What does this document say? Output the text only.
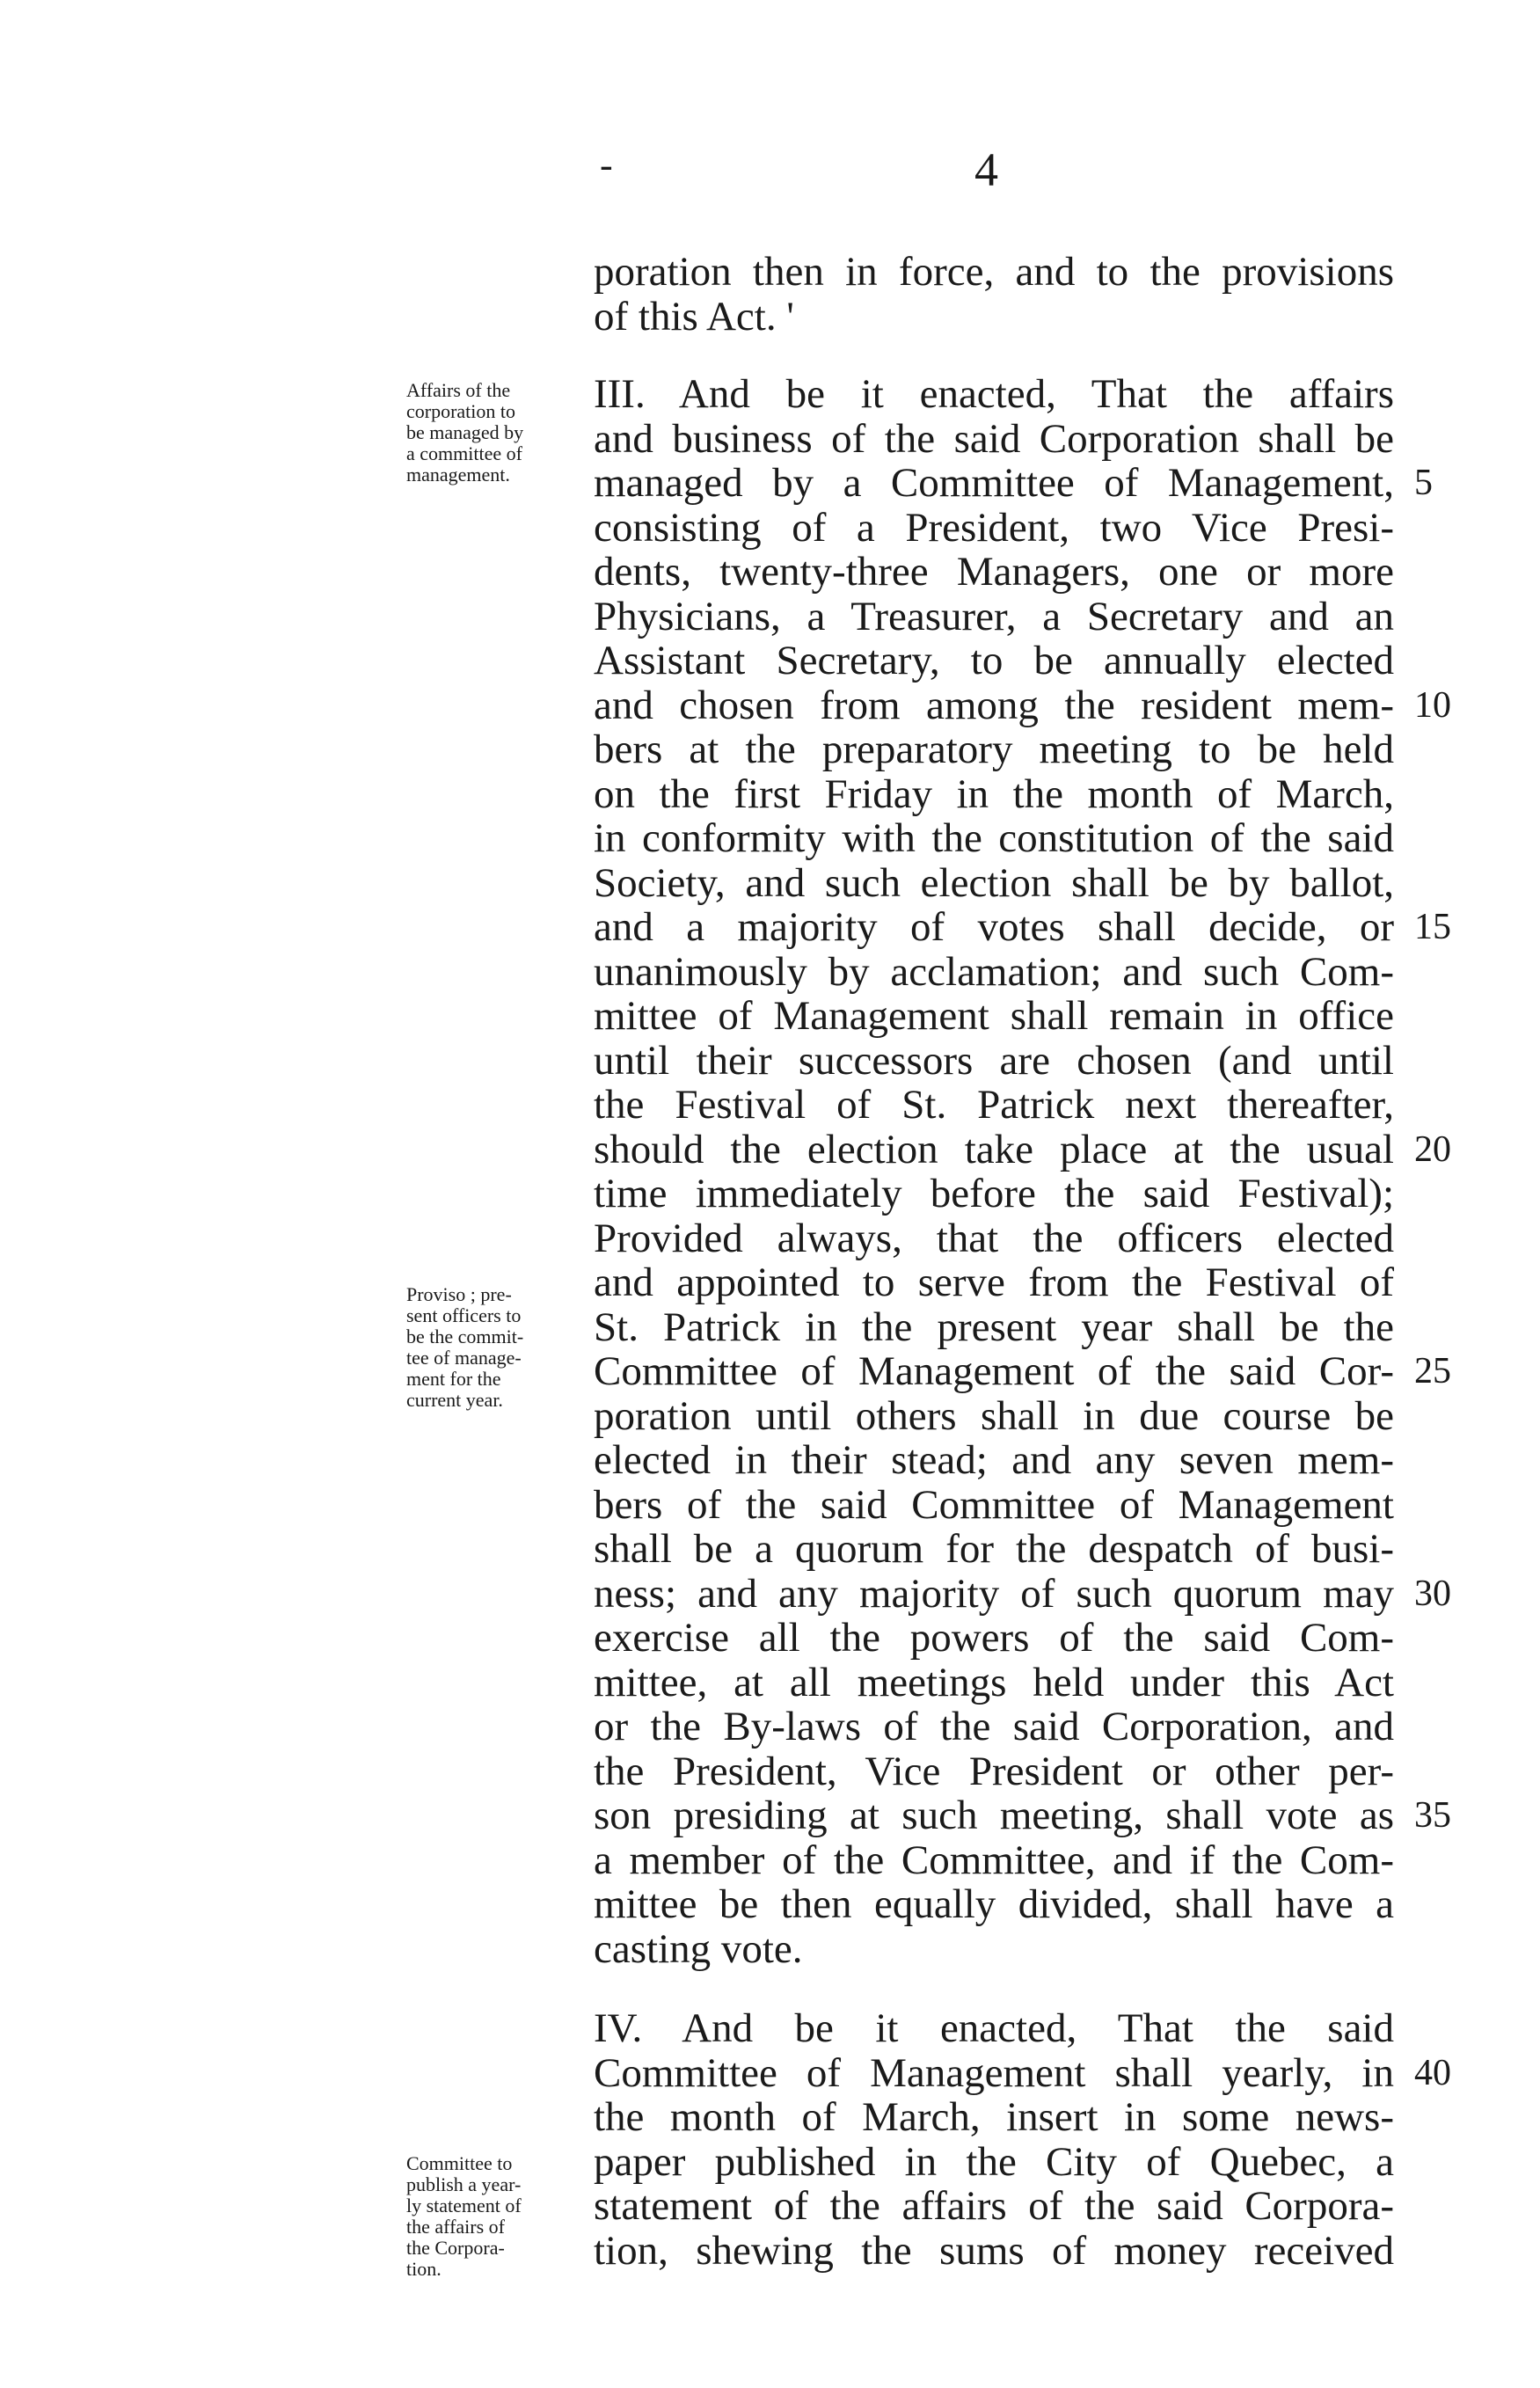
-	4
poration then in force, and to the provisions
of this Act. '
III. And be it enacted, That the affairs
and business of the said Corporation shall be
managed by a Committee of Management,
consisting of a President, two Vice Presi-
dents, twenty-three Managers, one or more
Physicians, a Treasurer, a Secretary and an
Assistant Secretary, to be annually elected
and chosen from among the resident mem-
bers at the preparatory meeting to be held
on the first Friday in the month of March,
in conformity with the constitution of the said
Society, and such election shall be by ballot,
and a majority of votes shall decide, or
unanimously by acclamation; and such Com-
mittee of Management shall remain in office
until their successors are chosen (and until
the Festival of St. Patrick next thereafter,
should the election take place at the usual
time immediately before the said Festival);
Provided always, that the officers elected
and appointed to serve from the Festival of
St. Patrick in the present year shall be the
Committee of Management of the said Cor-
poration until others shall in due course be
elected in their stead; and any seven mem-
bers of the said Committee of Management
shall be a quorum for the despatch of busi-
ness; and any majority of such quorum may
exercise all the powers of the said Com-
mittee, at all meetings held under this Act
or the By-laws of the said Corporation, and
the President, Vice President or other per-
son presiding at such meeting, shall vote as
a member of the Committee, and if the Com-
mittee be then equally divided, shall have a
casting vote.
IV. And be it enacted, That the said
Committee of Management shall yearly, in
the month of March, insert in some news-
paper published in the City of Quebec, a
statement of the affairs of the said Corpora-
tion, shewing the sums of money received
5
10
15
20
25
30
35
40
Affairs of the
corporation to
be managed by
a committee of
management.
Proviso ; pre-
sent officers to
be the commit-
tee of manage-
ment for the
current year.
Committee to
publish a year-
ly statement of
the affairs of
the Corpora-
tion.
